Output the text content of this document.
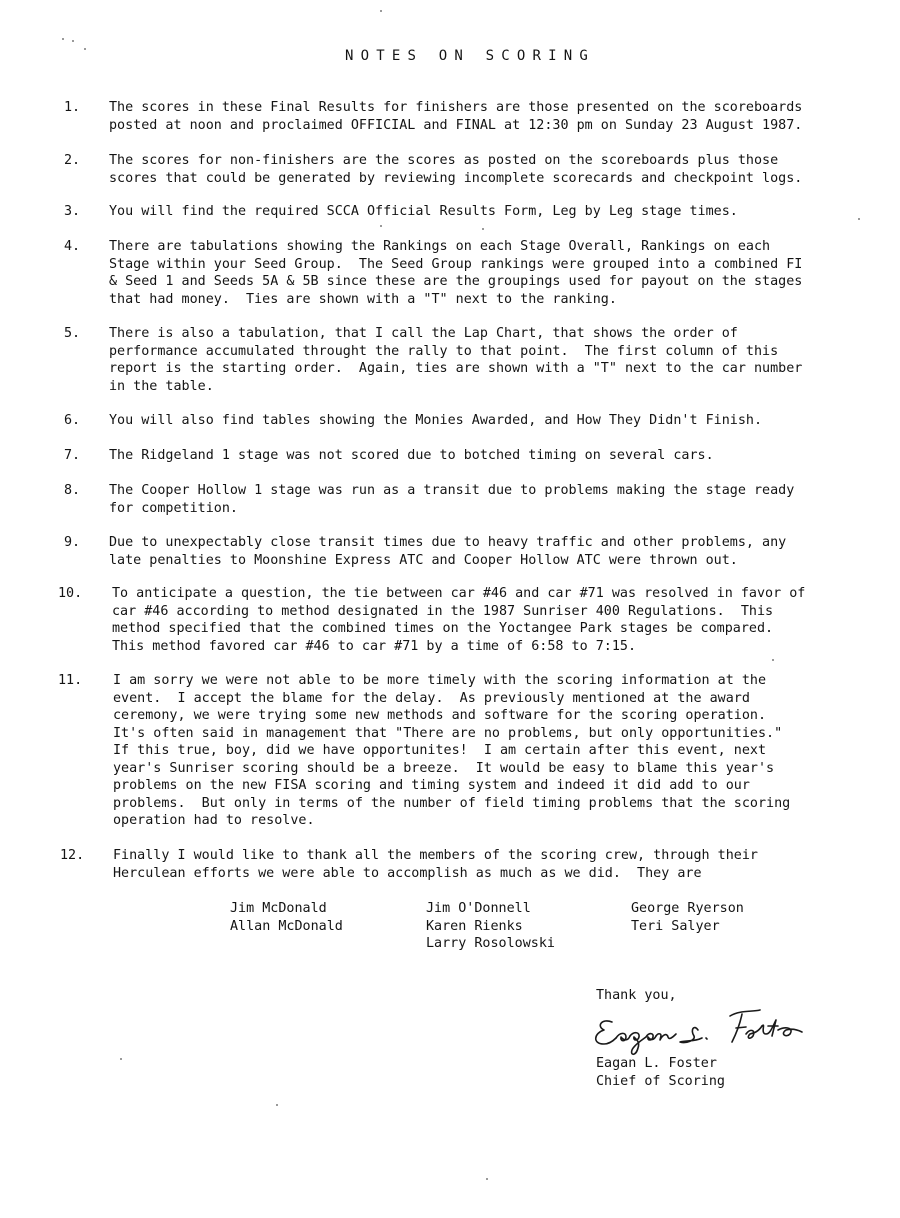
NOTES ON SCORING
1.	The scores in these Final Results for finishers are those presented on the scoreboards
posted at noon and proclaimed OFFICIAL and FINAL at 12:30 pm on Sunday 23 August 1987.
2.	The scores for non-finishers are the scores as posted on the scoreboards plus those
scores that could be generated by reviewing incomplete scorecards and checkpoint logs.
3.	You will find the required SCCA Official Results Form, Leg by Leg stage times.
4.	There are tabulations showing the Rankings on each Stage Overall, Rankings on each
Stage within your Seed Group.  The Seed Group rankings were grouped into a combined FI
& Seed 1 and Seeds 5A & 5B since these are the groupings used for payout on the stages
that had money.  Ties are shown with a "T" next to the ranking.
5.	There is also a tabulation, that I call the Lap Chart, that shows the order of
performance accumulated throught the rally to that point.  The first column of this
report is the starting order.  Again, ties are shown with a "T" next to the car number
in the table.
6.	You will also find tables showing the Monies Awarded, and How They Didn't Finish.
7.	The Ridgeland 1 stage was not scored due to botched timing on several cars.
8.	The Cooper Hollow 1 stage was run as a transit due to problems making the stage ready
for competition.
9.	Due to unexpectably close transit times due to heavy traffic and other problems, any
late penalties to Moonshine Express ATC and Cooper Hollow ATC were thrown out.
10.	To anticipate a question, the tie between car #46 and car #71 was resolved in favor of
car #46 according to method designated in the 1987 Sunriser 400 Regulations.  This
method specified that the combined times on the Yoctangee Park stages be compared.
This method favored car #46 to car #71 by a time of 6:58 to 7:15.
11.	I am sorry we were not able to be more timely with the scoring information at the
event.  I accept the blame for the delay.  As previously mentioned at the award
ceremony, we were trying some new methods and software for the scoring operation.
It's often said in management that "There are no problems, but only opportunities."
If this true, boy, did we have opportunites!  I am certain after this event, next
year's Sunriser scoring should be a breeze.  It would be easy to blame this year's
problems on the new FISA scoring and timing system and indeed it did add to our
problems.  But only in terms of the number of field timing problems that the scoring
operation had to resolve.
12.	Finally I would like to thank all the members of the scoring crew, through their
Herculean efforts we were able to accomplish as much as we did.  They are
Jim McDonald
Allan McDonald
Jim O'Donnell
Karen Rienks
Larry Rosolowski
George Ryerson
Teri Salyer
Thank you,
Eagan L. Foster
Chief of Scoring
